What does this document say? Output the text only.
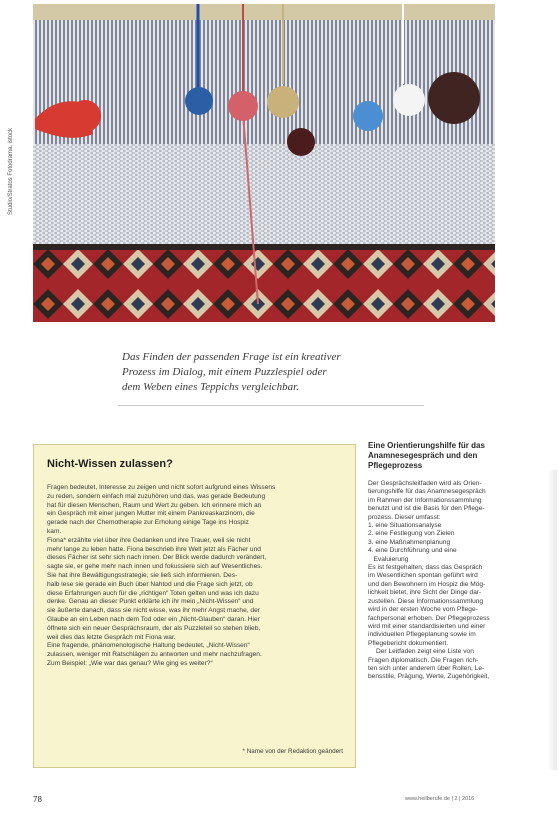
Studio/Stratos Fotodrama, istock
Das Finden der passenden Frage ist ein kreativer
Prozess im Dialog, mit einem Puzzlespiel oder
dem Weben eines Teppichs vergleichbar.
Nicht-Wissen zulassen?

Fragen bedeutet, Interesse zu zeigen und nicht sofort aufgrund eines Wissens

zu reden, sondern einfach mal zuzuhören und das, was gerade Bedeutung

hat für diesen Menschen, Raum und Wert zu geben. Ich erinnere mich an

ein Gespräch mit einer jungen Mutter mit einem Pankreaskarzinom, die

gerade nach der Chemotherapie zur Erholung einige Tage ins Hospiz

kam.

Fiona* erzählte viel über ihre Gedanken und ihre Trauer, weil sie nicht

mehr lange zu leben hatte. Fiona beschrieb ihre Welt jetzt als Fächer und

dieses Fächer ist sehr sich nach innen. Der Blick werde dadurch verändert,

sagte sie, er gehe mehr nach innen und fokussiere sich auf Wesentliches.

Sie hat ihre Bewältigungsstrategie, sie ließ sich informieren. Des-

halb lese sie gerade ein Buch über Nahtod und die Frage sich jetzt, ob

diese Erfahrungen auch für die „richtigen“ Toten gelten und was ich dazu

denke. Genau an dieser Punkt erklärte ich ihr mein „Nicht-Wissen“ und

sie äußerte danach, dass sie nicht wisse, was ihr mehr Angst mache, der

Glaube an ein Leben nach dem Tod oder ein „Nicht-Glauben“ daran. Hier

öffnete sich ein neuer Gesprächsraum, der als Puzzleteil so stehen blieb,

weil dies das letzte Gespräch mit Fiona war.

Eine fragende, phänomenologische Haltung bedeutet, „Nicht-Wissen“

zulassen, weniger mit Ratschlägen zu antworten und mehr nachzufragen.

Zum Beispiel: „Wie war das genau? Wie ging es weiter?“

* Name von der Redaktion geändert
Eine Orientierungshilfe für das
Anamnesegespräch und den
Pflegeprozess

Der Gesprächsleitfaden wird als Orien-

tierungshilfe für das Anamnesegespräch

im Rahmen der Informationssammlung

benutzt und ist die Basis für den Pflege-

prozess. Dieser umfasst:

1. eine Situationsanalyse
2. eine Festlegung von Zielen
3. eine Maßnahmenplanung
4. eine Durchführung und eine
Evaluierung

Es ist festgehalten, dass das Gespräch

im Wesentlichen spontan geführt wird

und den Bewohnern im Hospiz die Mög-

lichkeit bietet, ihre Sicht der Dinge dar-

zustellen. Diese Informationssammlung

wird in der ersten Woche vom Pflege-

fachpersonal erhoben. Der Pflegeprozess

wird mit einer standardisierten und einer

individuellen Pflegeplanung sowie im

Pflegebericht dokumentiert.

Der Leitfaden zeigt eine Liste von

Fragen diplomatisch. Die Fragen rich-

ten sich unter anderem über Rollen, Le-

bensstile, Prägung, Werte, Zugehörigkeit,

78	www.heilberufe.de | 2 | 2016
